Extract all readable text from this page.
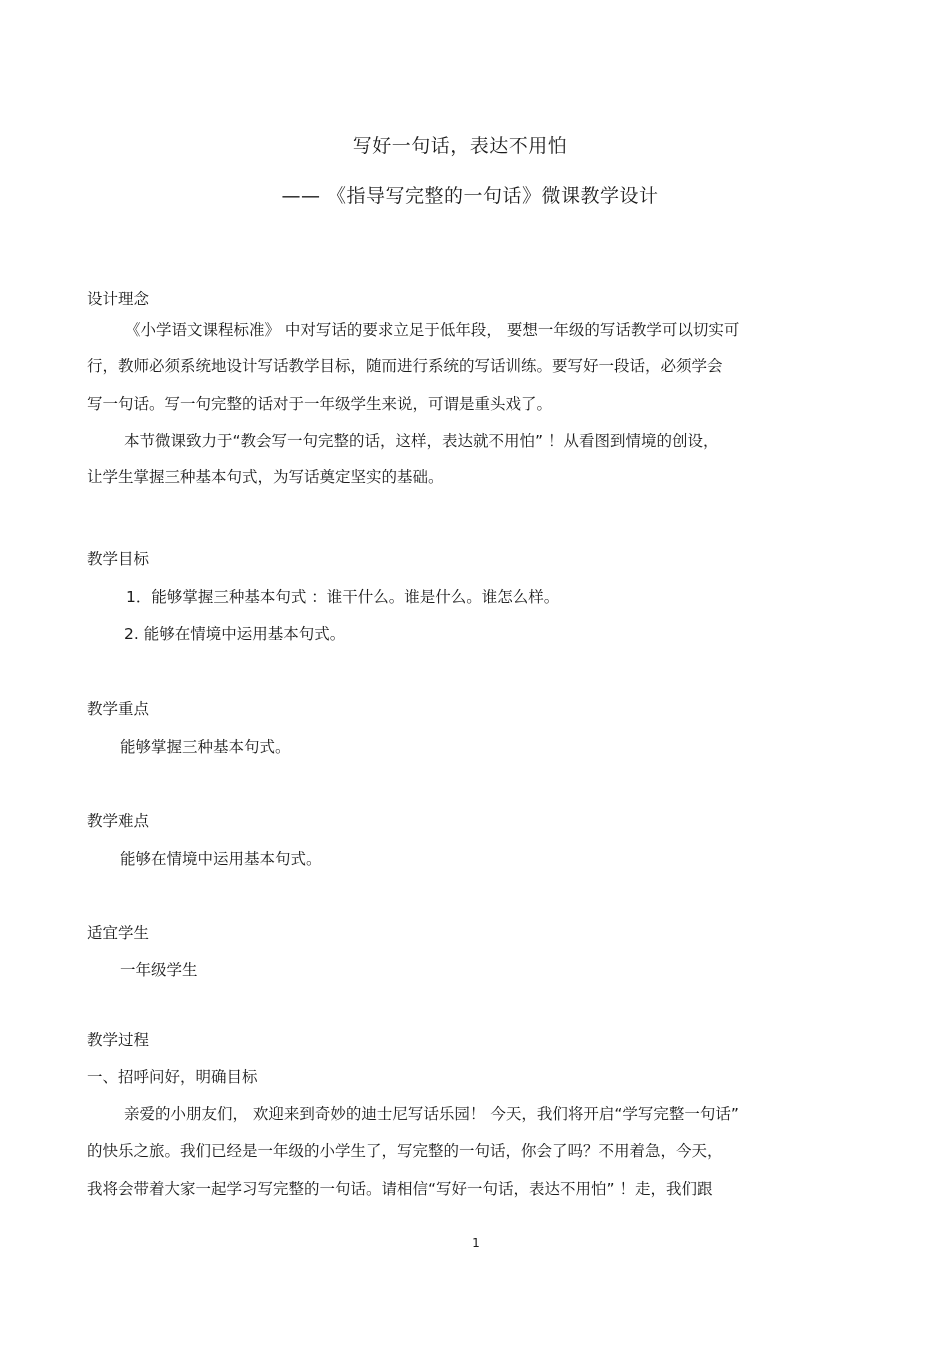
写好一句话，表达不用怕
—— 《指导写完整的一句话》微课教学设计

设计理念

《小学语文课程标准》 中对写话的要求立足于低年段， 要想一年级的写话教学可以切实可

行，教师必须系统地设计写话教学目标，随而进行系统的写话训练。要写好一段话，必须学会

写一句话。写一句完整的话对于一年级学生来说，可谓是重头戏了。

本节微课致力于“教会写一句完整的话，这样，表达就不用怕” ！从看图到情境的创设，

让学生掌握三种基本句式，为写话奠定坚实的基础。

教学目标

1．能够掌握三种基本句式 ：谁干什么。谁是什么。谁怎么样。

2. 能够在情境中运用基本句式。

教学重点

能够掌握三种基本句式。

教学难点

能够在情境中运用基本句式。

适宜学生

一年级学生

教学过程

一、招呼问好，明确目标

亲爱的小朋友们， 欢迎来到奇妙的迪士尼写话乐园！ 今天，我们将开启“学写完整一句话”

的快乐之旅。我们已经是一年级的小学生了，写完整的一句话，你会了吗？不用着急，今天，

我将会带着大家一起学习写完整的一句话。请相信“写好一句话，表达不用怕” ！走，我们跟

1
